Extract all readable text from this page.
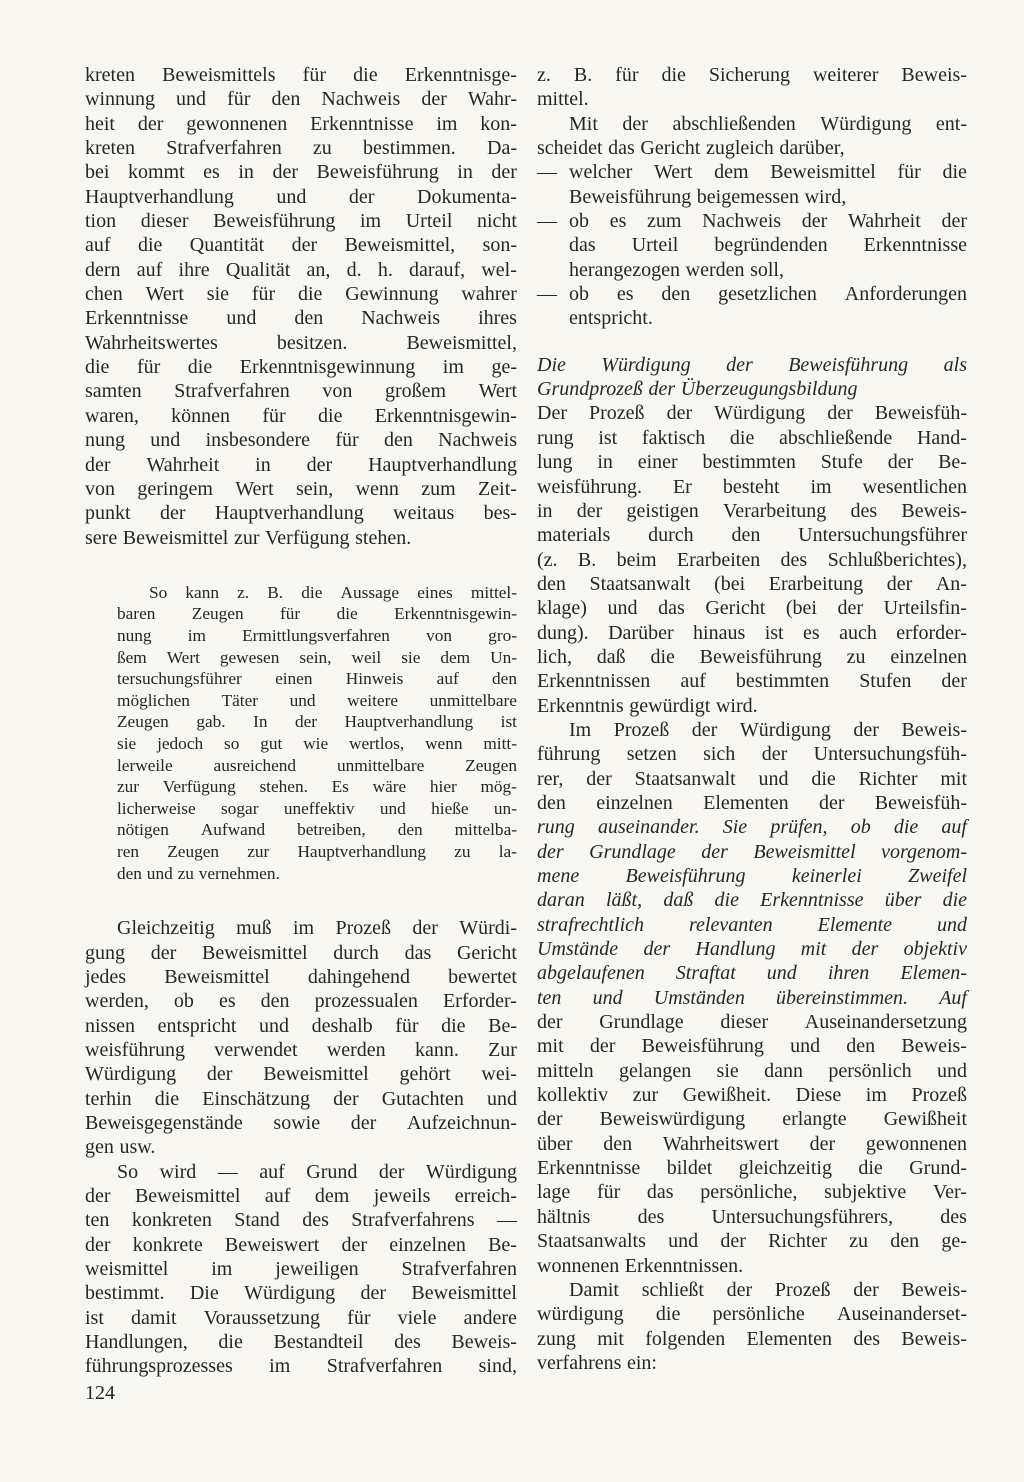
kreten Beweismittels für die Erkenntnisge-
winnung und für den Nachweis der Wahr-
heit der gewonnenen Erkenntnisse im kon-
kreten Strafverfahren zu bestimmen. Da-
bei kommt es in der Beweisführung in der
Hauptverhandlung und der Dokumenta-
tion dieser Beweisführung im Urteil nicht
auf die Quantität der Beweismittel, son-
dern auf ihre Qualität an, d. h. darauf, wel-
chen Wert sie für die Gewinnung wahrer
Erkenntnisse und den Nachweis ihres
Wahrheitswertes	besitzen.	Beweismittel,
die für die Erkenntnisgewinnung im ge-
samten Strafverfahren von großem Wert
waren, können für die Erkenntnisgewin-
nung und insbesondere für den Nachweis
der Wahrheit in der Hauptverhandlung
von geringem Wert sein, wenn zum Zeit-
punkt der Hauptverhandlung weitaus bes-
sere Beweismittel zur Verfügung stehen.
So kann z. B. die Aussage eines mittel-
baren Zeugen für die Erkenntnisgewin-
nung im Ermittlungsverfahren von gro-
ßem Wert gewesen sein, weil sie dem Un-
tersuchungsführer einen Hinweis auf den
möglichen Täter und weitere unmittelbare
Zeugen gab. In der Hauptverhandlung ist
sie jedoch so gut wie wertlos, wenn mitt-
lerweile ausreichend unmittelbare Zeugen
zur Verfügung stehen. Es wäre hier mög-
licherweise sogar uneffektiv und hieße un-
nötigen Aufwand betreiben, den mittelba-
ren Zeugen zur Hauptverhandlung zu la-
den und zu vernehmen.
Gleichzeitig muß im Prozeß der Würdi-
gung der Beweismittel durch das Gericht
jedes Beweismittel dahingehend bewertet
werden, ob es den prozessualen Erforder-
nissen entspricht und deshalb für die Be-
weisführung verwendet werden kann. Zur
Würdigung der Beweismittel gehört wei-
terhin die Einschätzung der Gutachten und
Beweisgegenstände sowie der Aufzeichnun-
gen usw.
So wird — auf Grund der Würdigung
der Beweismittel auf dem jeweils erreich-
ten konkreten Stand des Strafverfahrens —
der konkrete Beweiswert der einzelnen Be-
weismittel im jeweiligen Strafverfahren
bestimmt. Die Würdigung der Beweismittel
ist damit Voraussetzung für viele andere
Handlungen, die Bestandteil des Beweis-
führungsprozesses im Strafverfahren sind,
z. B. für die Sicherung weiterer Beweis-
mittel.
Mit der abschließenden Würdigung ent-
scheidet das Gericht zugleich darüber,
— welcher Wert dem Beweismittel für die
Beweisführung beigemessen wird,
— ob es zum Nachweis der Wahrheit der
das Urteil begründenden Erkenntnisse
herangezogen werden soll,
— ob es den gesetzlichen Anforderungen
entspricht.
Die Würdigung der Beweisführung als
Grundprozeß der Überzeugungsbildung
Der Prozeß der Würdigung der Beweisfüh-
rung ist faktisch die abschließende Hand-
lung in einer bestimmten Stufe der Be-
weisführung. Er besteht im wesentlichen
in der geistigen Verarbeitung des Beweis-
materials durch den Untersuchungsführer
(z. B. beim Erarbeiten des Schlußberichtes),
den Staatsanwalt (bei Erarbeitung der An-
klage) und das Gericht (bei der Urteilsfin-
dung). Darüber hinaus ist es auch erforder-
lich, daß die Beweisführung zu einzelnen
Erkenntnissen auf bestimmten Stufen der
Erkenntnis gewürdigt wird.
Im Prozeß der Würdigung der Beweis-
führung setzen sich der Untersuchungsfüh-
rer, der Staatsanwalt und die Richter mit
den einzelnen Elementen der Beweisfüh-
rung auseinander. Sie prüfen, ob die auf
der Grundlage der Beweismittel vorgenom-
mene Beweisführung keinerlei Zweifel
daran läßt, daß die Erkenntnisse über die
strafrechtlich relevanten Elemente und
Umstände der Handlung mit der objektiv
abgelaufenen Straftat und ihren Elemen-
ten und Umständen übereinstimmen. Auf
der Grundlage dieser Auseinandersetzung
mit der Beweisführung und den Beweis-
mitteln gelangen sie dann persönlich und
kollektiv zur Gewißheit. Diese im Prozeß
der Beweiswürdigung erlangte Gewißheit
über den Wahrheitswert der gewonnenen
Erkenntnisse bildet gleichzeitig die Grund-
lage für das persönliche, subjektive Ver-
hältnis des Untersuchungsführers, des
Staatsanwalts und der Richter zu den ge-
wonnenen Erkenntnissen.
Damit schließt der Prozeß der Beweis-
würdigung die persönliche Auseinanderset-
zung mit folgenden Elementen des Beweis-
verfahrens ein:
124
